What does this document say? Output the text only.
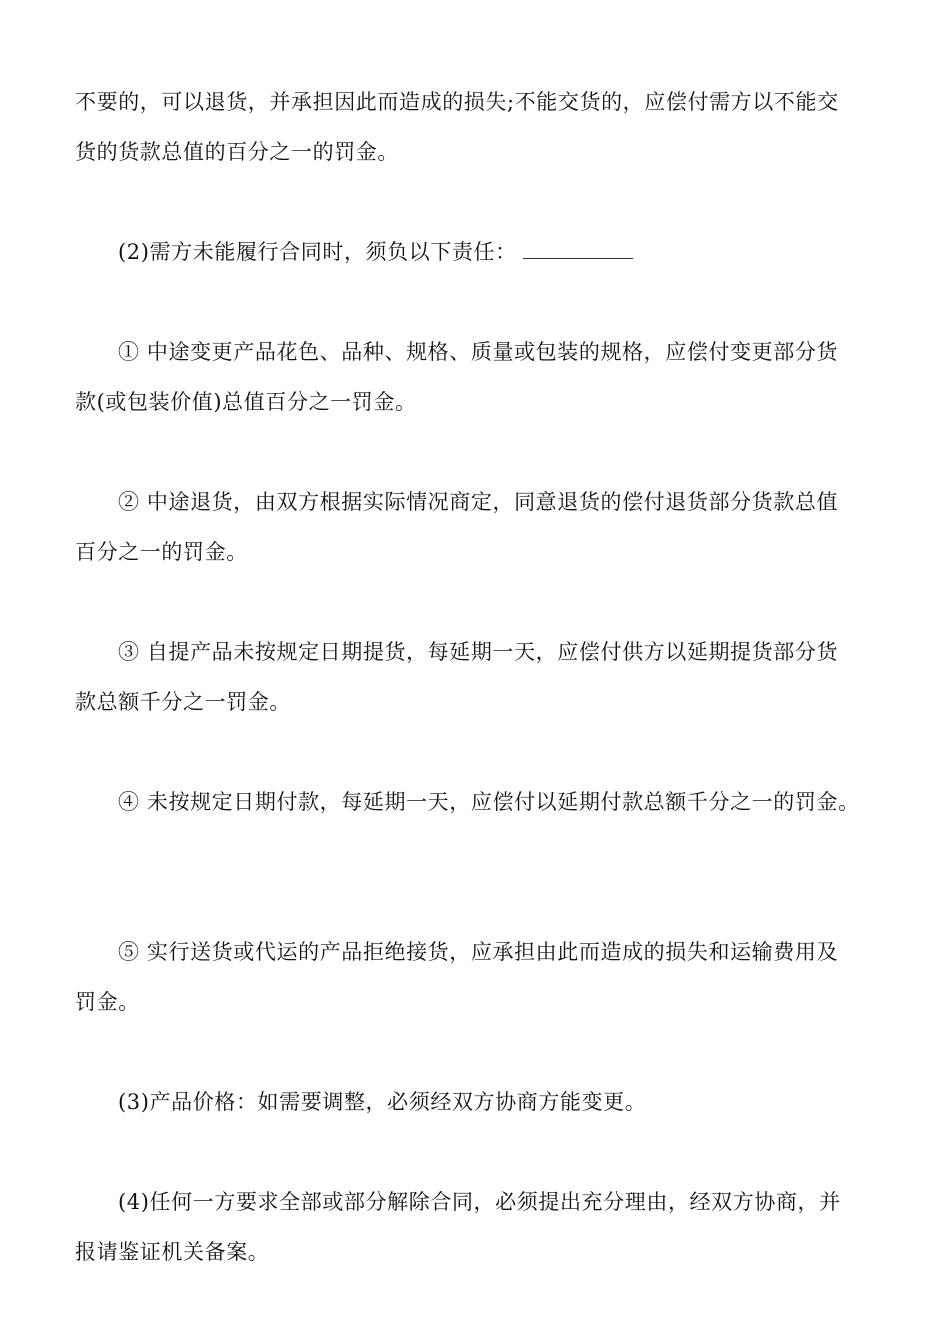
不要的，可以退货，并承担因此而造成的损失;不能交货的，应偿付需方以不能交
货的货款总值的百分之一的罚金。
(2)需方未能履行合同时，须负以下责任：
① 中途变更产品花色、品种、规格、质量或包装的规格，应偿付变更部分货
款(或包装价值)总值百分之一罚金。
② 中途退货，由双方根据实际情况商定，同意退货的偿付退货部分货款总值
百分之一的罚金。
③ 自提产品未按规定日期提货，每延期一天，应偿付供方以延期提货部分货
款总额千分之一罚金。
④ 未按规定日期付款，每延期一天，应偿付以延期付款总额千分之一的罚金。
⑤ 实行送货或代运的产品拒绝接货，应承担由此而造成的损失和运输费用及
罚金。
(3)产品价格：如需要调整，必须经双方协商方能变更。
(4)任何一方要求全部或部分解除合同，必须提出充分理由，经双方协商，并
报请鉴证机关备案。
